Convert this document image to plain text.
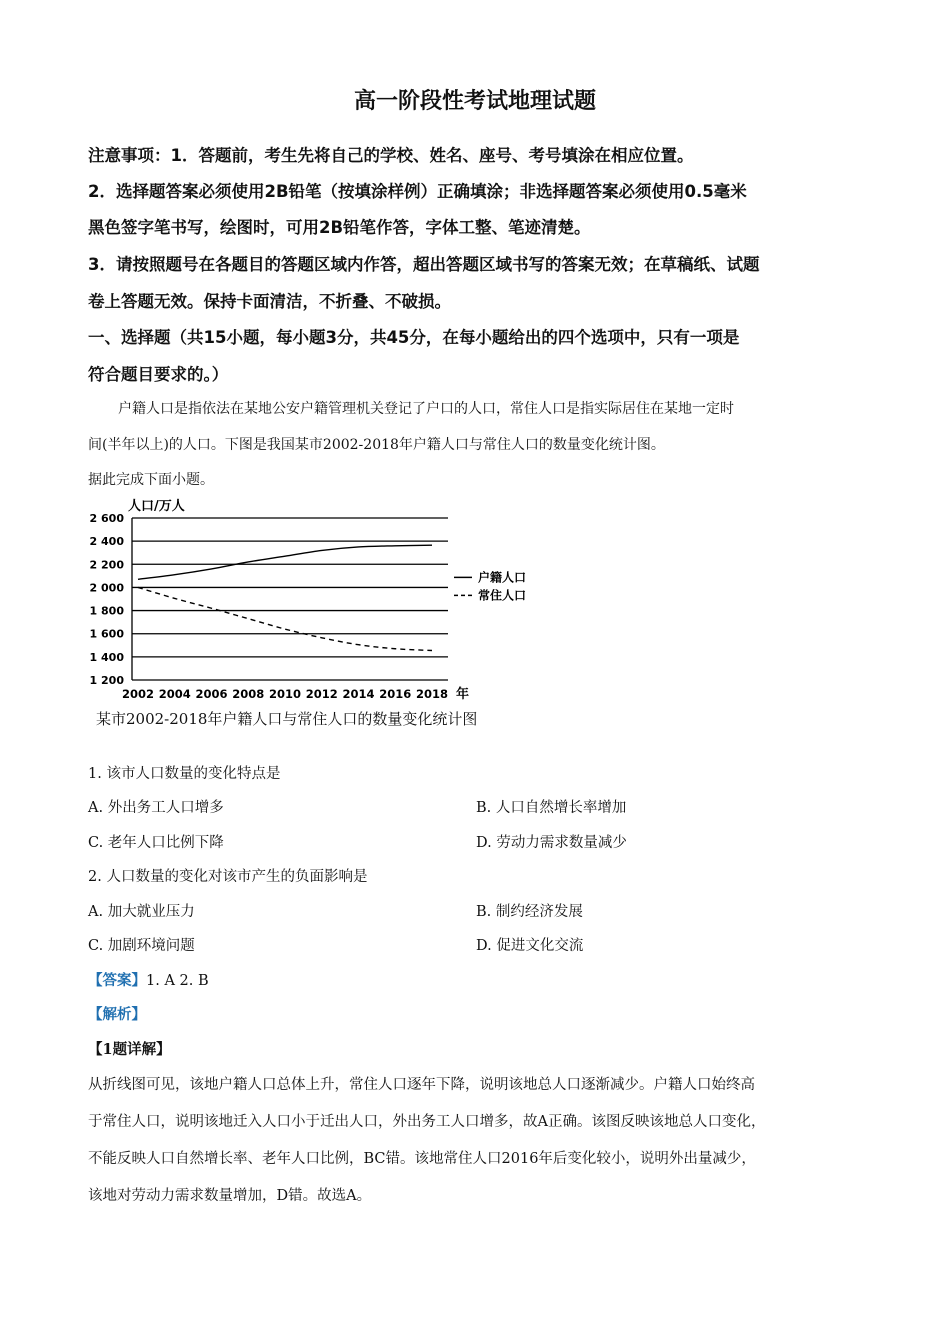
高一阶段性考试地理试题
注意事项：1．答题前，考生先将自己的学校、姓名、座号、考号填涂在相应位置。
2．选择题答案必须使用2B铅笔（按填涂样例）正确填涂；非选择题答案必须使用0.5毫米
黑色签字笔书写，绘图时，可用2B铅笔作答，字体工整、笔迹清楚。
3．请按照题号在各题目的答题区域内作答，超出答题区域书写的答案无效；在草稿纸、试题
卷上答题无效。保持卡面清洁，不折叠、不破损。
一、选择题（共15小题，每小题3分，共45分，在每小题给出的四个选项中，只有一项是
符合题目要求的。）
户籍人口是指依法在某地公安户籍管理机关登记了户口的人口，常住人口是指实际居住在某地一定时
间(半年以上)的人口。下图是我国某市2002-2018年户籍人口与常住人口的数量变化统计图。
据此完成下面小题。
1 200
1 400
1 600
1 800
2 000
2 200
2 400
2 600
人口/万人
2002 2004 2006 2008 2010 2012 2014 2016 2018 年
户籍人口
常住人口
某市2002-2018年户籍人口与常住人口的数量变化统计图
1. 该市人口数量的变化特点是
A. 外出务工人口增多	B. 人口自然增长率增加
C. 老年人口比例下降	D. 劳动力需求数量减少
2. 人口数量的变化对该市产生的负面影响是
A. 加大就业压力	B. 制约经济发展
C. 加剧环境问题	D. 促进文化交流
【答案】1. A 2. B
【解析】
【1题详解】
从折线图可见，该地户籍人口总体上升，常住人口逐年下降，说明该地总人口逐渐减少。户籍人口始终高
于常住人口，说明该地迁入人口小于迁出人口，外出务工人口增多，故A正确。该图反映该地总人口变化，
不能反映人口自然增长率、老年人口比例，BC错。该地常住人口2016年后变化较小，说明外出量减少，
该地对劳动力需求数量增加，D错。故选A。
